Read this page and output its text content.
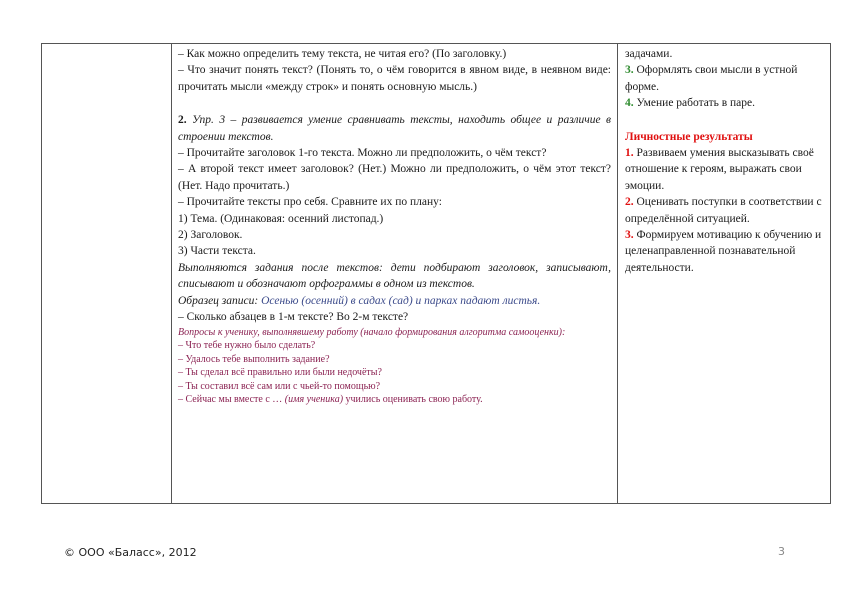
– Как можно определить тему текста, не читая его? (По заголовку.)

– Что значит понять текст? (Понять то, о чём говорится в явном виде, в неявном виде: прочитать мысли «между строк» и понять основную мысль.)

2. Упр. 3 – развивается умение сравнивать тексты, находить общее и различие в строении текстов.

– Прочитайте заголовок 1-го текста. Можно ли предположить, о чём текст?

– А второй текст имеет заголовок? (Нет.) Можно ли предположить, о чём этот текст? (Нет. Надо прочитать.)

– Прочитайте тексты про себя. Сравните их по плану:

1) Тема. (Одинаковая: осенний листопад.)

2) Заголовок.

3) Части текста.

Выполняются задания после текстов: дети подбирают заголовок, записывают, списывают и обозначают орфограммы в одном из текстов.

Образец записи: Осенью (осенний) в садах (сад) и парках падают листья.

– Сколько абзацев в 1-м тексте? Во 2-м тексте?

Вопросы к ученику, выполнявшему работу (начало формирования алгоритма самооценки):

– Что тебе нужно было сделать?

– Удалось тебе выполнить задание?

– Ты сделал всё правильно или были недочёты?

– Ты составил всё сам или с чьей-то помощью?

– Сейчас мы вместе с … (имя ученика) учились оценивать свою работу.

задачами.

3. Оформлять свои мысли в устной форме.

4. Умение работать в паре.

Личностные результаты

1. Развиваем умения высказывать своё отношение к героям, выражать свои эмоции.

2. Оценивать поступки в соответствии с определённой ситуацией.

3. Формируем мотивацию к обучению и целенаправленной познавательной деятельности.

© ООО «Баласс», 2012	3
